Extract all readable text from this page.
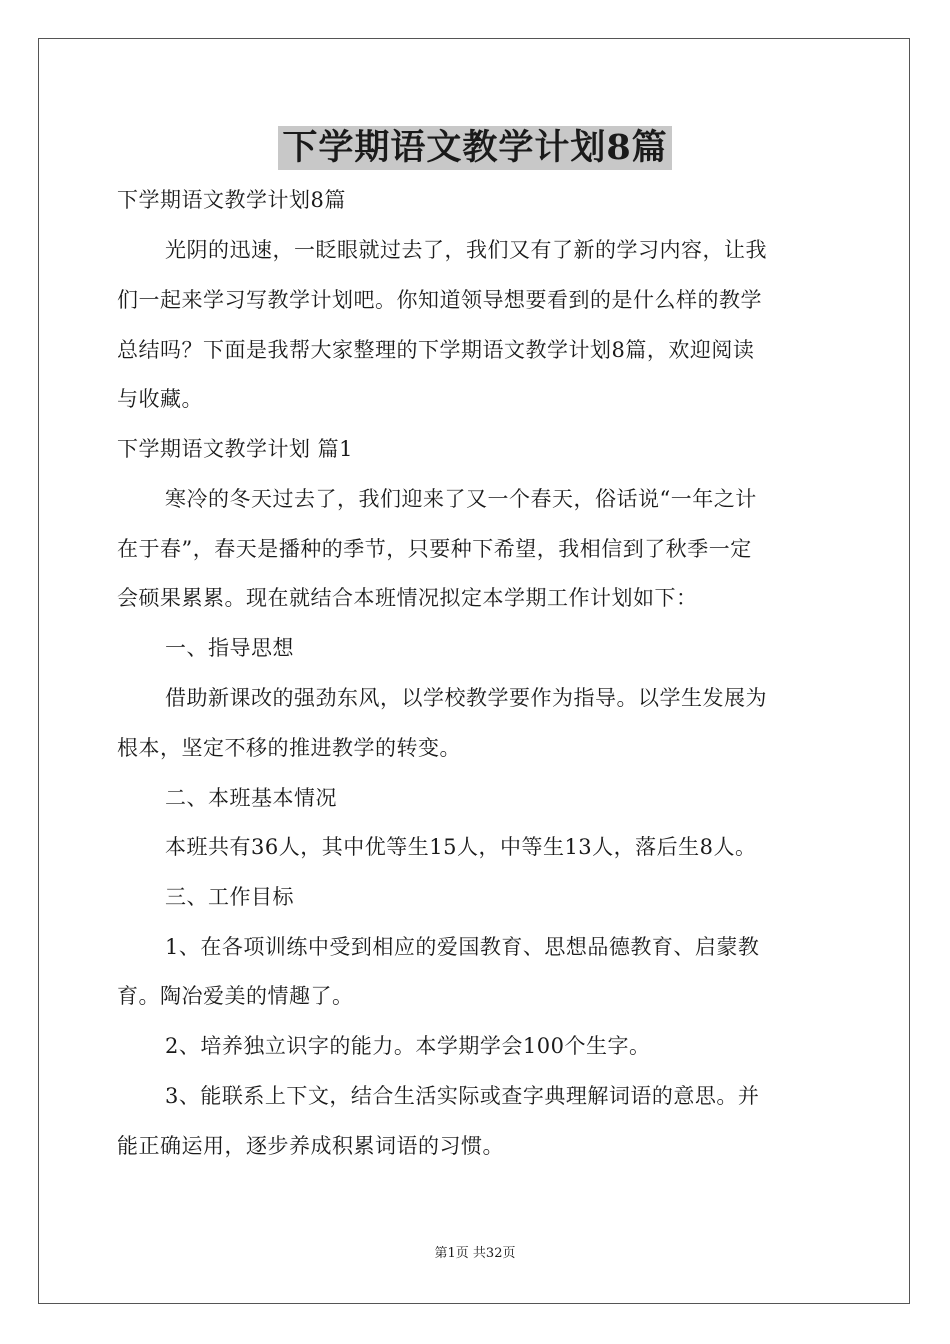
下学期语文教学计划8篇
下学期语文教学计划8篇
光阴的迅速，一眨眼就过去了，我们又有了新的学习内容，让我
们一起来学习写教学计划吧。你知道领导想要看到的是什么样的教学
总结吗？下面是我帮大家整理的下学期语文教学计划8篇，欢迎阅读
与收藏。
下学期语文教学计划 篇1
寒冷的冬天过去了，我们迎来了又一个春天，俗话说“一年之计
在于春”，春天是播种的季节，只要种下希望，我相信到了秋季一定
会硕果累累。现在就结合本班情况拟定本学期工作计划如下：
一、指导思想
借助新课改的强劲东风，以学校教学要作为指导。以学生发展为
根本，坚定不移的推进教学的转变。
二、本班基本情况
本班共有36人，其中优等生15人，中等生13人，落后生8人。
三、工作目标
1、在各项训练中受到相应的爱国教育、思想品德教育、启蒙教
育。陶冶爱美的情趣了。
2、培养独立识字的能力。本学期学会100个生字。
3、能联系上下文，结合生活实际或查字典理解词语的意思。并
能正确运用，逐步养成积累词语的习惯。
第1页 共32页
